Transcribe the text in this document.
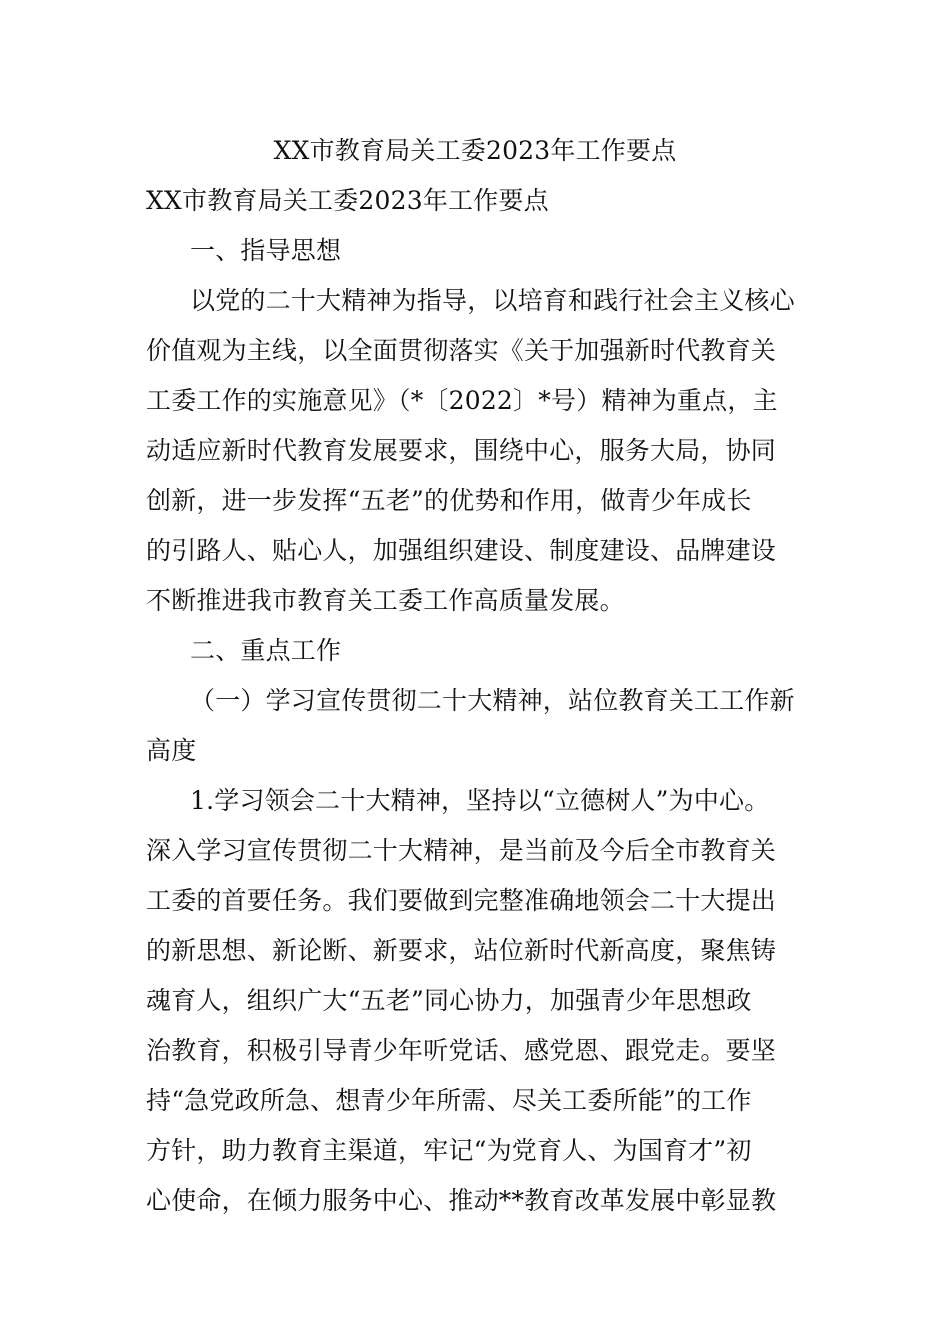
XX市教育局关工委2023年工作要点
XX市教育局关工委2023年工作要点
一、指导思想
以党的二十大精神为指导，以培育和践行社会主义核心
价值观为主线，以全面贯彻落实《关于加强新时代教育关
工委工作的实施意见》（*〔2022〕*号）精神为重点，主
动适应新时代教育发展要求，围绕中心，服务大局，协同
创新，进一步发挥“五老”的优势和作用，做青少年成长
的引路人、贴心人，加强组织建设、制度建设、品牌建设
不断推进我市教育关工委工作高质量发展。
二、重点工作
（一）学习宣传贯彻二十大精神，站位教育关工工作新
高度
1.学习领会二十大精神，坚持以“立德树人”为中心。
深入学习宣传贯彻二十大精神，是当前及今后全市教育关
工委的首要任务。我们要做到完整准确地领会二十大提出
的新思想、新论断、新要求，站位新时代新高度，聚焦铸
魂育人，组织广大“五老”同心协力，加强青少年思想政
治教育，积极引导青少年听党话、感党恩、跟党走。要坚
持“急党政所急、想青少年所需、尽关工委所能”的工作
方针，助力教育主渠道，牢记“为党育人、为国育才”初
心使命，在倾力服务中心、推动**教育改革发展中彰显教
